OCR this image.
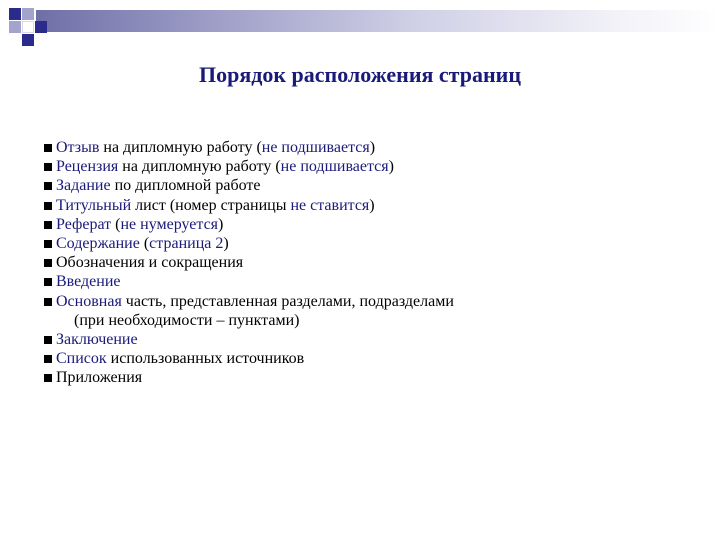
Порядок расположения страниц
Отзыв на дипломную работу (не подшивается)
Рецензия на дипломную работу (не подшивается)
Задание по дипломной работе
Титульный лист (номер страницы не ставится)
Реферат (не нумеруется)
Содержание (страница 2)
Обозначения и сокращения
Введение
Основная часть, представленная разделами, подразделами
(при необходимости – пунктами)
Заключение
Список использованных источников
Приложения
